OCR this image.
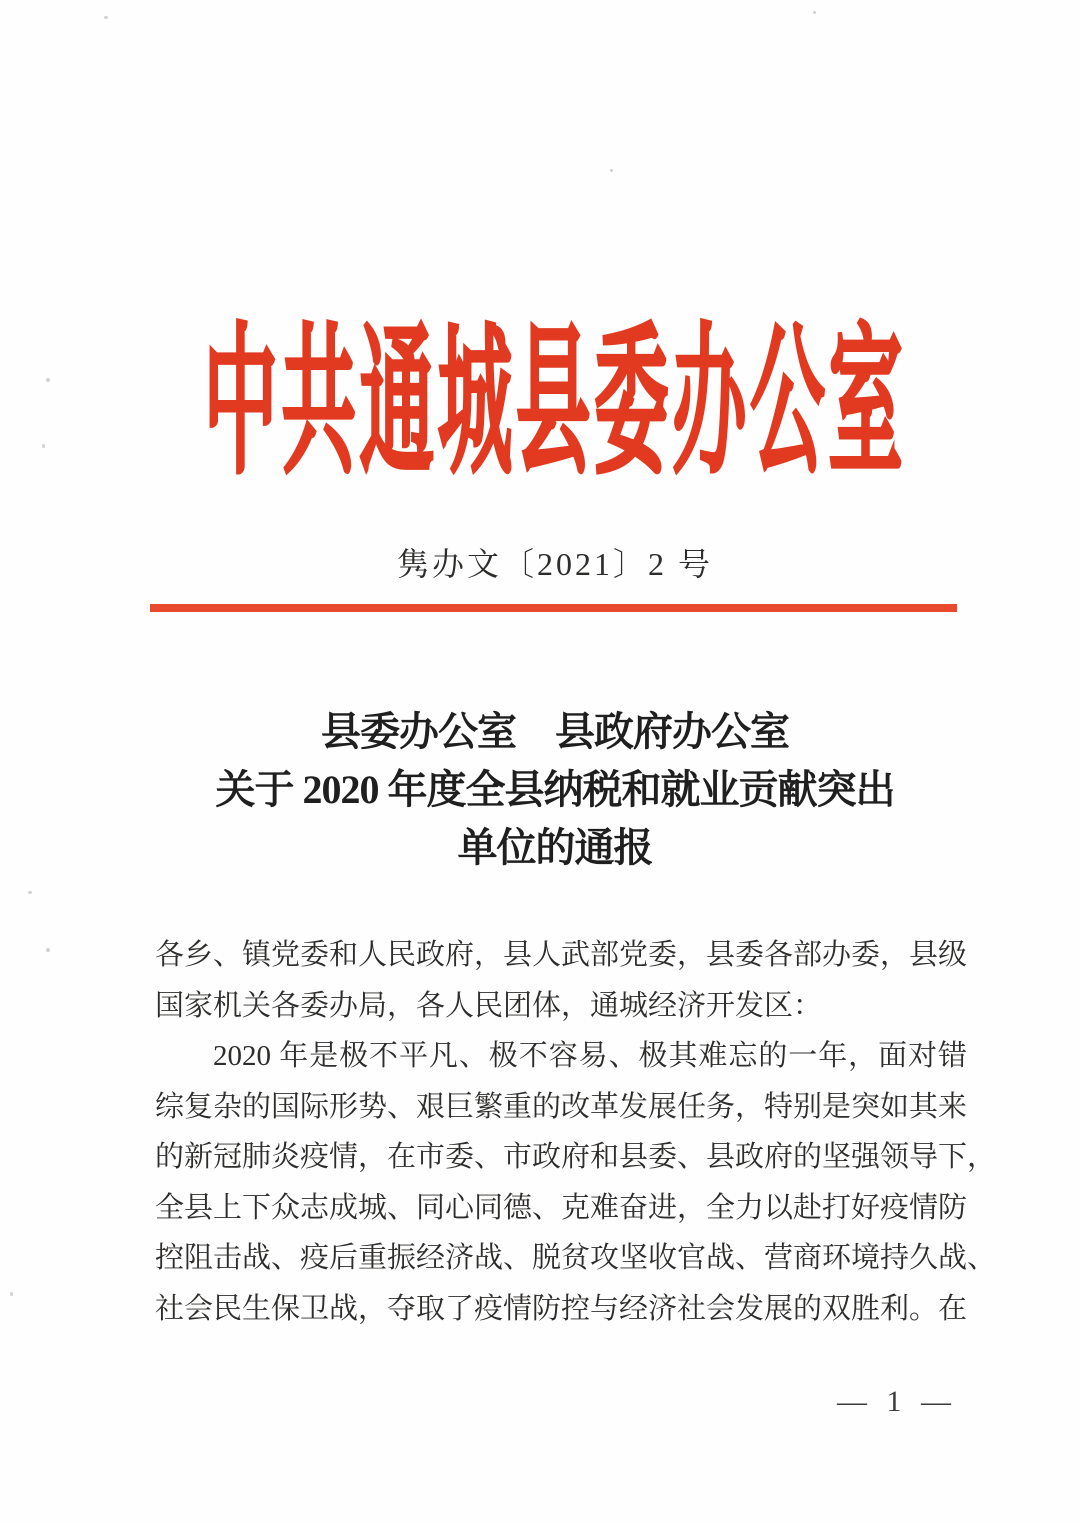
中共通城县委办公室
隽办文〔2021〕2 号
县委办公室　县政府办公室
关于 2020 年度全县纳税和就业贡献突出
单位的通报
各乡、镇党委和人民政府，县人武部党委，县委各部办委，县级
国家机关各委办局，各人民团体，通城经济开发区：
2020 年是极不平凡、极不容易、极其难忘的一年，面对错
综复杂的国际形势、艰巨繁重的改革发展任务，特别是突如其来
的新冠肺炎疫情，在市委、市政府和县委、县政府的坚强领导下，
全县上下众志成城、同心同德、克难奋进，全力以赴打好疫情防
控阻击战、疫后重振经济战、脱贫攻坚收官战、营商环境持久战、
社会民生保卫战，夺取了疫情防控与经济社会发展的双胜利。在
— 1 —
